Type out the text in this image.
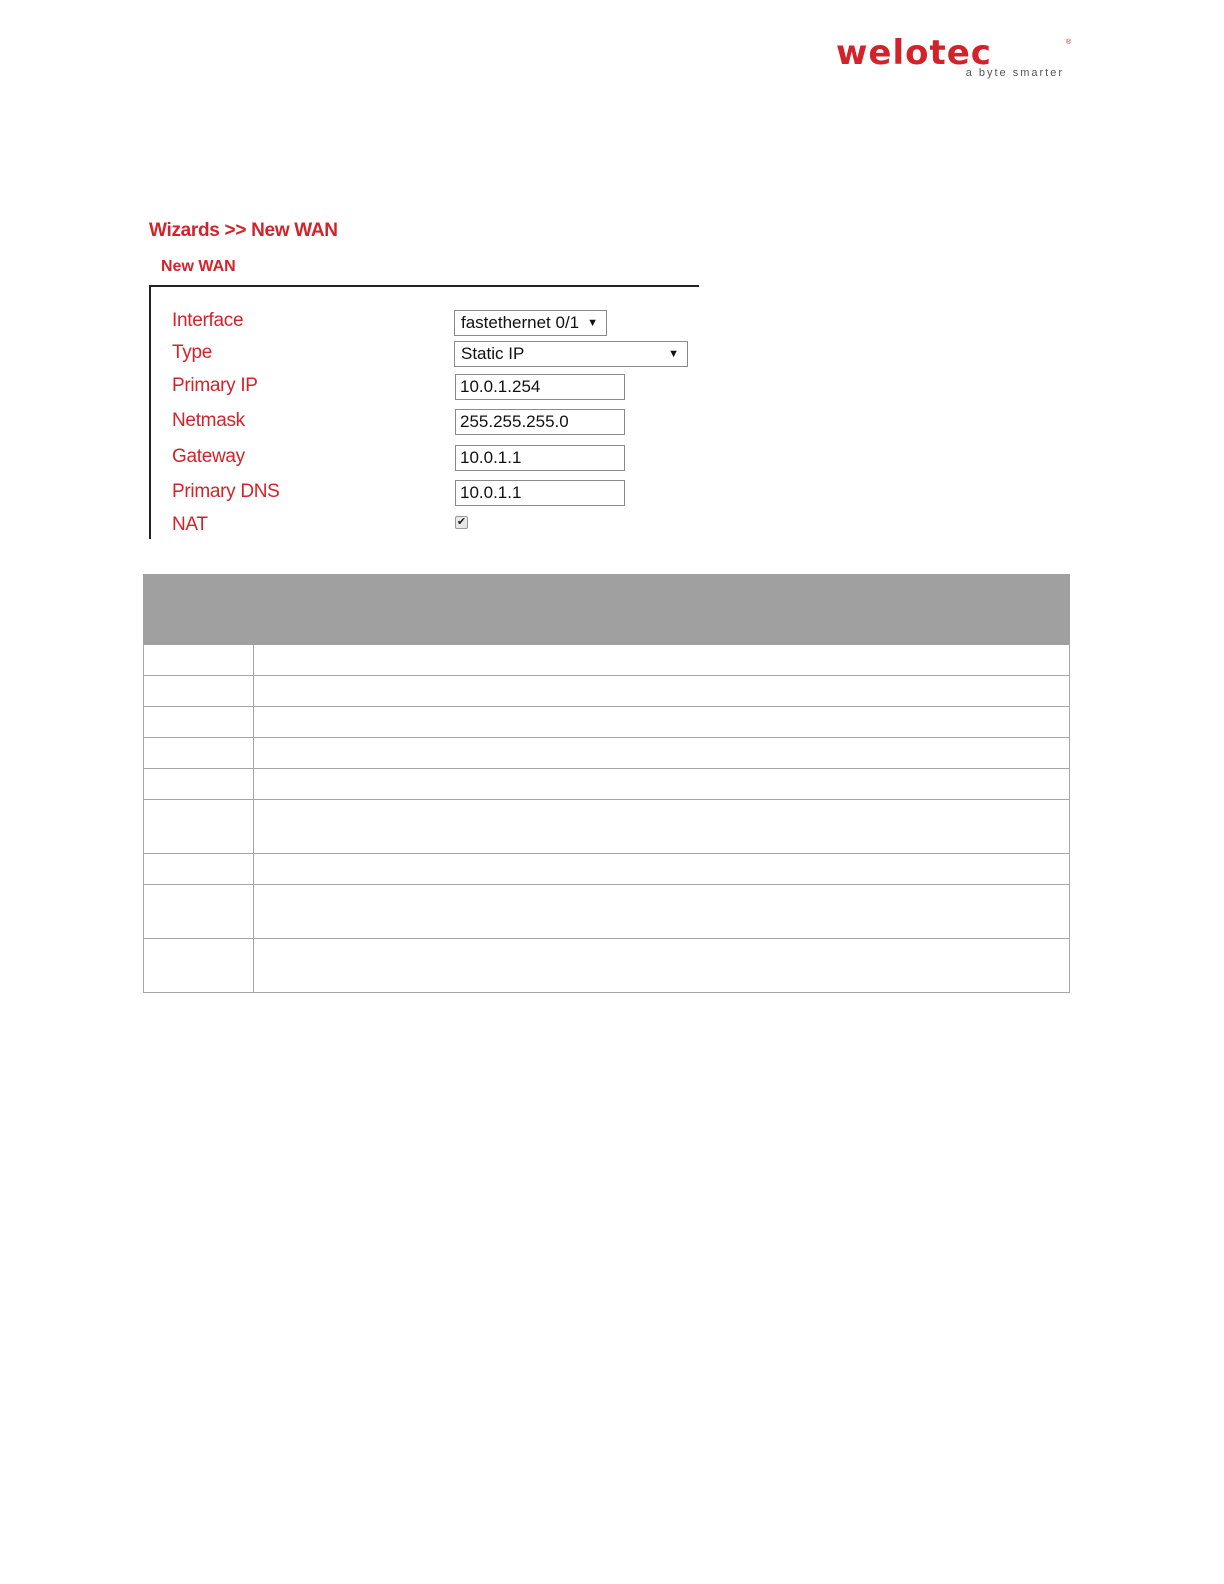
welotec	®
a byte smarter
Wizards >> New WAN
New WAN
Interface	fastethernet 0/1 ▼
Type	Static IP	▼
Primary IP	10.0.1.254
Netmask	255.255.255.0
Gateway	10.0.1.1
Primary DNS	10.0.1.1
NAT	✔
